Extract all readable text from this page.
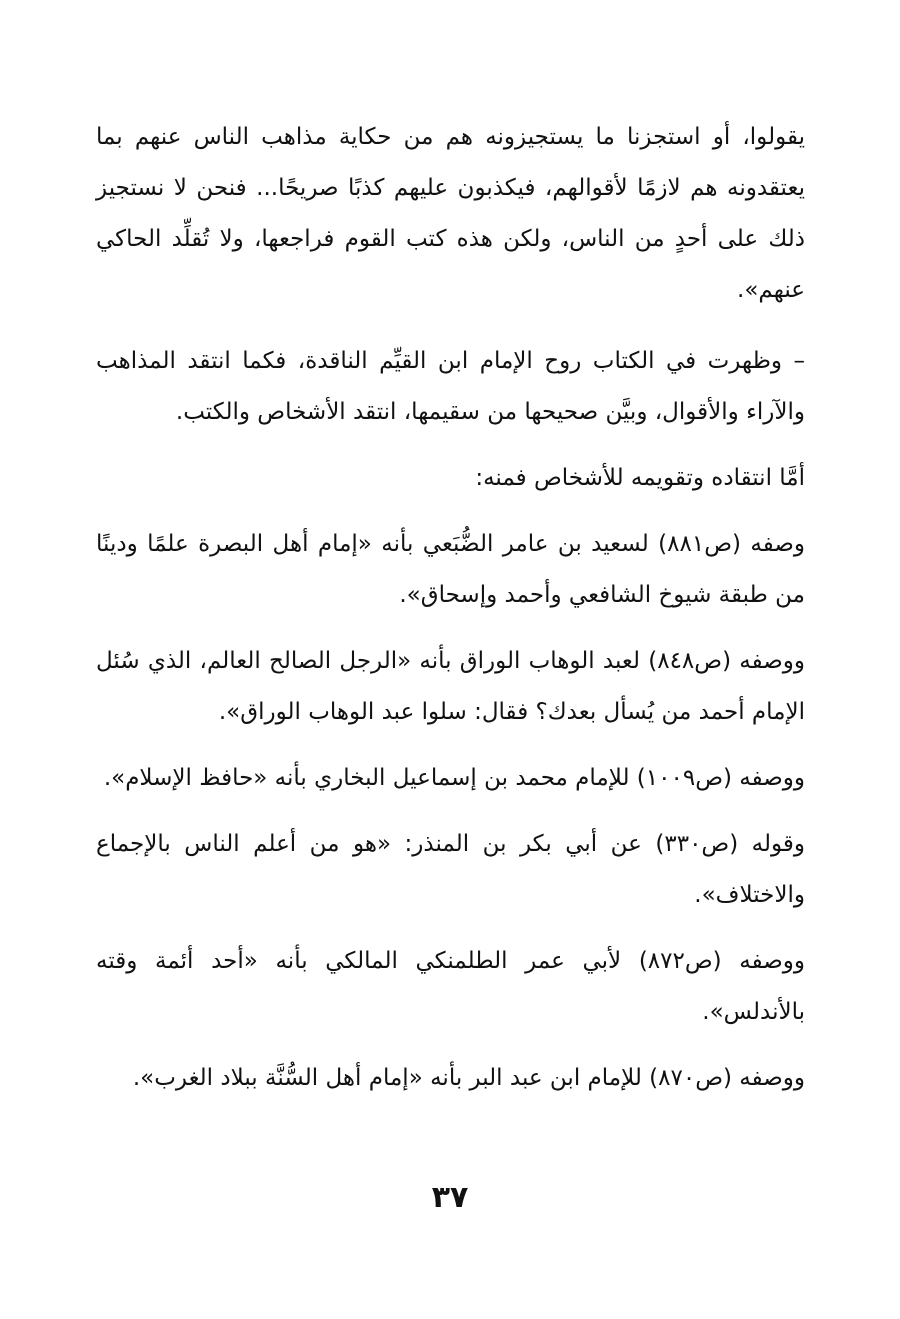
يقولوا، أو استجزنا ما يستجيزونه هم من حكاية مذاهب الناس عنهم بما يعتقدونه هم لازمًا لأقوالهم، فيكذبون عليهم كذبًا صريحًا... فنحن لا نستجيز ذلك على أحدٍ من الناس، ولكن هذه كتب القوم فراجعها، ولا تُقلِّد الحاكي عنهم».

– وظهرت في الكتاب روح الإمام ابن القيِّم الناقدة، فكما انتقد المذاهب والآراء والأقوال، وبيَّن صحيحها من سقيمها، انتقد الأشخاص والكتب.

أمَّا انتقاده وتقويمه للأشخاص فمنه:

وصفه (ص٨٨١) لسعيد بن عامر الضُّبَعي بأنه «إمام أهل البصرة علمًا ودينًا من طبقة شيوخ الشافعي وأحمد وإسحاق».

ووصفه (ص٨٤٨) لعبد الوهاب الوراق بأنه «الرجل الصالح العالم، الذي سُئل الإمام أحمد من يُسأل بعدك؟ فقال: سلوا عبد الوهاب الوراق».

ووصفه (ص١٠٠٩) للإمام محمد بن إسماعيل البخاري بأنه «حافظ الإسلام».

وقوله (ص٣٣٠) عن أبي بكر بن المنذر: «هو من أعلم الناس بالإجماع والاختلاف».

ووصفه (ص٨٧٢) لأبي عمر الطلمنكي المالكي بأنه «أحد أئمة وقته بالأندلس».

ووصفه (ص٨٧٠) للإمام ابن عبد البر بأنه «إمام أهل السُّنَّة ببلاد الغرب».

٣٧
